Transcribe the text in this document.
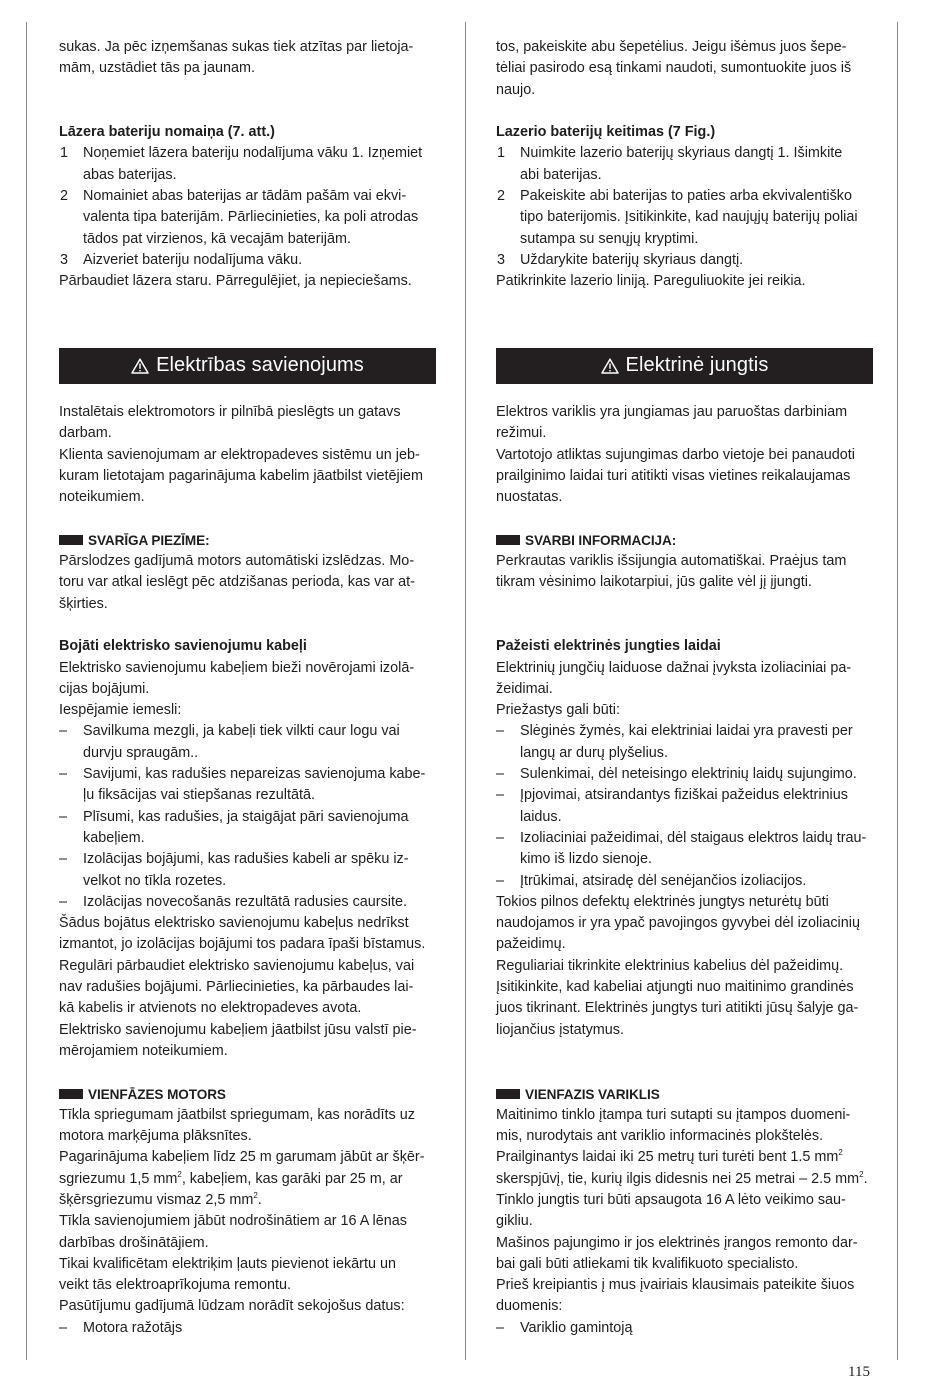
sukas. Ja pēc izņemšanas sukas tiek atzītas par lietoja-

mām, uzstādiet tās pa jaunam.

Lāzera bateriju nomaiņa (7. att.)

1 Noņemiet lāzera bateriju nodalījuma vāku 1. Izņemiet

abas baterijas.

2 Nomainiet abas baterijas ar tādām pašām vai ekvi-

valenta tipa baterijām. Pārliecinieties, ka poli atrodas

tādos pat virzienos, kā vecajām baterijām.

3 Aizveriet bateriju nodalījuma vāku.

Pārbaudiet lāzera staru. Pārregulējiet, ja nepieciešams.

tos, pakeiskite abu šepetėlius. Jeigu išėmus juos šepe-

tėliai pasirodo esą tinkami naudoti, sumontuokite juos iš

naujo.

Lazerio baterijų keitimas (7 Fig.)

1 Nuimkite lazerio baterijų skyriaus dangtį 1. Išimkite

abi baterijas.

2 Pakeiskite abi baterijas to paties arba ekvivalentiško

tipo baterijomis. Įsitikinkite, kad naujųjų baterijų poliai

sutampa su senųjų kryptimi.

3 Uždarykite baterijų skyriaus dangtį.

Patikrinkite lazerio liniją. Pareguliuokite jei reikia.

Elektrības savienojums

Instalētais elektromotors ir pilnībā pieslēgts un gatavs

darbam.

Klienta savienojumam ar elektropadeves sistēmu un jeb-

kuram lietotajam pagarinājuma kabelim jāatbilst vietējiem

noteikumiem.

SVARĪGA PIEZĪME:

Pārslodzes gadījumā motors automātiski izslēdzas. Mo-

toru var atkal ieslēgt pēc atdzišanas perioda, kas var at-

šķirties.

Bojāti elektrisko savienojumu kabeļi

Elektrisko savienojumu kabeļiem bieži novērojami izolā-

cijas bojājumi.

Iespējamie iemesli:

– Savilkuma mezgli, ja kabeļi tiek vilkti caur logu vai

durvju spraugām..

– Savijumi, kas radušies nepareizas savienojuma kabe-

ļu fiksācijas vai stiepšanas rezultātā.

– Plīsumi, kas radušies, ja staigājat pāri savienojuma

kabeļiem.

– Izolācijas bojājumi, kas radušies kabeli ar spēku iz-

velkot no tīkla rozetes.

– Izolācijas novecošanās rezultātā radusies caursite.

Šādus bojātus elektrisko savienojumu kabeļus nedrīkst

izmantot, jo izolācijas bojājumi tos padara īpaši bīstamus.

Regulāri pārbaudiet elektrisko savienojumu kabeļus, vai

nav radušies bojājumi. Pārliecinieties, ka pārbaudes lai-

kā kabelis ir atvienots no elektropadeves avota.

Elektrisko savienojumu kabeļiem jāatbilst jūsu valstī pie-

mērojamiem noteikumiem.

VIENFĀZES MOTORS

Tīkla spriegumam jāatbilst spriegumam, kas norādīts uz

motora marķējuma plāksnītes.

Pagarinājuma kabeļiem līdz 25 m garumam jābūt ar šķēr-

sgriezumu 1,5 $mm^2$, kabeļiem, kas garāki par 25 m, ar

šķērsgriezumu vismaz 2,5 $mm^2$.

Tīkla savienojumiem jābūt nodrošinātiem ar 16 A lēnas

darbības drošinātājiem.

Tikai kvalificētam elektriķim ļauts pievienot iekārtu un

veikt tās elektroaprīkojuma remontu.

Pasūtījumu gadījumā lūdzam norādīt sekojošus datus:

– Motora ražotājs

Elektrinė jungtis

Elektros variklis yra jungiamas jau paruoštas darbiniam

režimui.

Vartotojo atliktas sujungimas darbo vietoje bei panaudoti

prailginimo laidai turi atitikti visas vietines reikalaujamas

nuostatas.

SVARBI INFORMACIJA:

Perkrautas variklis išsijungia automatiškai. Praėjus tam

tikram vėsinimo laikotarpiui, jūs galite vėl jį įjungti.

Pažeisti elektrinės jungties laidai

Elektrinių jungčių laiduose dažnai įvyksta izoliaciniai pa-

žeidimai.

Priežastys gali būti:

– Slėginės žymės, kai elektriniai laidai yra pravesti per

langų ar durų plyšelius.

– Sulenkimai, dėl neteisingo elektrinių laidų sujungimo.

– Įpjovimai, atsirandantys fiziškai pažeidus elektrinius

laidus.

– Izoliaciniai pažeidimai, dėl staigaus elektros laidų trau-

kimo iš lizdo sienoje.

– Įtrūkimai, atsiradę dėl senėjančios izoliacijos.

Tokios pilnos defektų elektrinės jungtys neturėtų būti

naudojamos ir yra ypač pavojingos gyvybei dėl izoliacinių

pažeidimų.

Reguliariai tikrinkite elektrinius kabelius dėl pažeidimų.

Įsitikinkite, kad kabeliai atjungti nuo maitinimo grandinės

juos tikrinant. Elektrinės jungtys turi atitikti jūsų šalyje ga-

liojančius įstatymus.

VIENFAZIS VARIKLIS

Maitinimo tinklo įtampa turi sutapti su įtampos duomeni-

mis, nurodytais ant variklio informacinės plokštelės.

Prailginantys laidai iki 25 metrų turi turėti bent 1.5 $mm^2$

skerspjūvį, tie, kurių ilgis didesnis nei 25 metrai – 2.5 $mm^2$.

Tinklo jungtis turi būti apsaugota 16 A lėto veikimo sau-

gikliu.

Mašinos pajungimo ir jos elektrinės įrangos remonto dar-

bai gali būti atliekami tik kvalifikuoto specialisto.

Prieš kreipiantis į mus įvairiais klausimais pateikite šiuos

duomenis:

– Variklio gamintoją

115
